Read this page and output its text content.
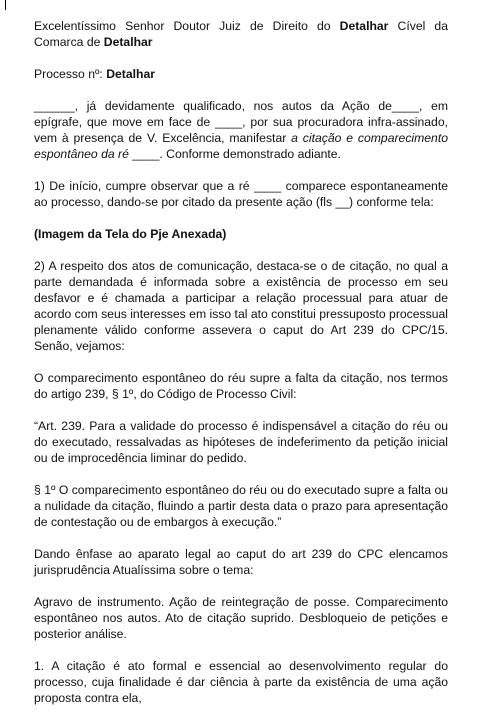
Excelentíssimo Senhor Doutor Juiz de Direito do Detalhar Cível da Comarca de Detalhar

Processo nº: Detalhar

______, já devidamente qualificado, nos autos da Ação de____, em epígrafe, que move em face de ____, por sua procuradora infra-assinado, vem à presença de V. Excelência, manifestar a citação e comparecimento espontâneo da ré ____. Conforme demonstrado adiante.

1) De início, cumpre observar que a ré ____ comparece espontaneamente ao processo, dando-se por citado da presente ação (fls __) conforme tela:

(Imagem da Tela do Pje Anexada)

2) A respeito dos atos de comunicação, destaca-se o de citação, no qual a parte demandada é informada sobre a existência de processo em seu desfavor e é chamada a participar a relação processual para atuar de acordo com seus interesses em isso tal ato constitui pressuposto processual plenamente válido conforme assevera o caput do Art 239 do CPC/15. Senão, vejamos:

O comparecimento espontâneo do réu supre a falta da citação, nos termos do artigo 239, § 1º, do Código de Processo Civil:

“Art. 239. Para a validade do processo é indispensável a citação do réu ou do executado, ressalvadas as hipóteses de indeferimento da petição inicial ou de improcedência liminar do pedido.

§ 1º O comparecimento espontâneo do réu ou do executado supre a falta ou a nulidade da citação, fluindo a partir desta data o prazo para apresentação de contestação ou de embargos à execução.”

Dando ênfase ao aparato legal ao caput do art 239 do CPC elencamos jurisprudência Atualíssima sobre o tema:

Agravo de instrumento. Ação de reintegração de posse. Comparecimento espontâneo nos autos. Ato de citação suprido. Desbloqueio de petições e posterior análise.

1. A citação é ato formal e essencial ao desenvolvimento regular do processo, cuja finalidade é dar ciência à parte da existência de uma ação proposta contra ela,
